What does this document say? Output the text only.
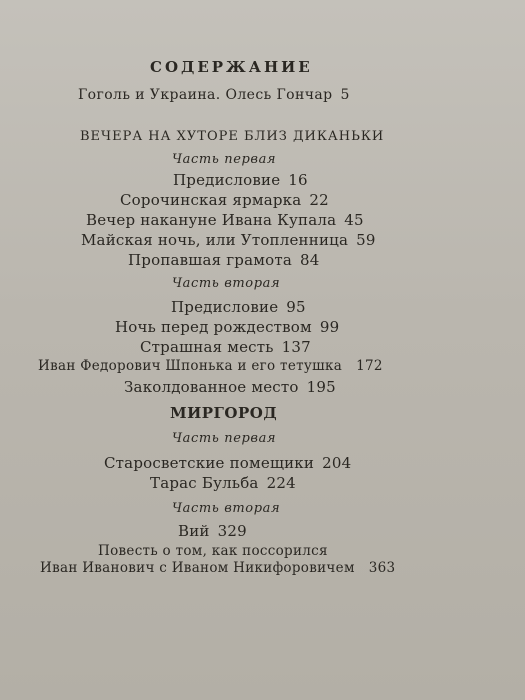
СОДЕРЖАНИЕ
Гоголь и Украина. Олесь Гончар 5
ВЕЧЕРА НА ХУТОРЕ БЛИЗ ДИКАНЬКИ
Часть первая
Предисловие 16
Сорочинская ярмарка 22
Вечер накануне Ивана Купала 45
Майская ночь, или Утопленница 59
Пропавшая грамота 84
Часть вторая
Предисловие 95
Ночь перед рождеством 99
Страшная месть 137
Иван Федорович Шпонька и его тетушка 172
Заколдованное место 195
МИРГОРОД
Часть первая
Старосветские помещики 204
Тарас Бульба 224
Часть вторая
Вий 329
Повесть о том, как поссорился
Иван Иванович с Иваном Никифоровичем 363
